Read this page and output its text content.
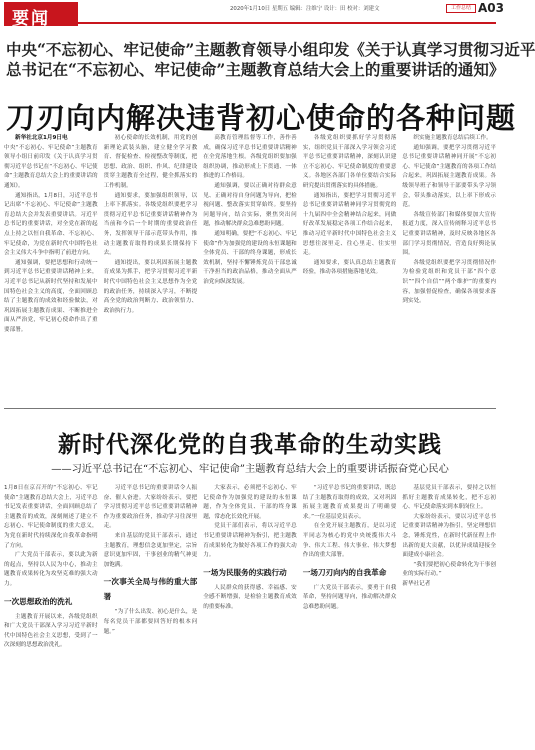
要闻	2020年1月10日 星期五 编辑：注维宁 设计：田 校对：刘建文	工作总结 A03
中央“不忘初心、牢记使命”主题教育领导小组印发《关于认真学习贯彻习近平
总书记在“不忘初心、牢记使命”主题教育总结大会上的重要讲话的通知》
刀刃向内解决违背初心使命的各种问题

新华社北京1月9日电

中央“不忘初心、牢记使命”主题教育领导小组日前印发《关于认真学习贯彻习近平总书记在“不忘初心、牢记使命”主题教育总结大会上的重要讲话的通知》。

通知指出，1月8日，习近平总书记出席“不忘初心、牢记使命”主题教育总结大会并发表重要讲话。习近平总书记的重要讲话，对全党在新的起点上持之以恒自我革命、不忘初心、牢记使命，为党在新时代中国特色社会主义伟大斗争中指明了前进方向。

通知强调，要把思想和行动统一到习近平总书记重要讲话精神上来，习近平总书记从新时代坚持和发展中国特色社会主义的高度，全面回顾总结了主题教育的成效和经验做法，对巩固拓展主题教育成果、不断推进全面从严治党，牢记初心使命作出了重要部署。

初心使命的长效机制，用党的创新理论武装头脑，建立健全学习教育、督促检查、检视整改等制度，把思想、政治、组织、作风、纪律建设贯穿主题教育全过程，健全抓落实的工作机制。

通知要求，要加强组织领导，以上率下抓落实。各级党组织要把学习贯彻习近平总书记重要讲话精神作为当前和今后一个时期的重要政治任务，发挥领导干部示范带头作用，推动主题教育取得的成果长期保持下去。

通知提出，要以巩固拓展主题教育成果为抓手，把学习贯彻习近平新时代中国特色社会主义思想作为全党的政治任务，持续深入学习，不断提高全党的政治判断力、政治领悟力、政治执行力。

高教育管理监督等工作，善作善成，确保习近平总书记重要讲话精神在全党落地生根。各级党组织要加强组织协调，推动形成上下贯通、一体推进的工作格局。

通知强调，要以正确对待群众意见、正确对待自身问题为导向，把检视问题、整改落实贯穿始终。要坚持问题导向，结合实际，聚焦突出问题，推动解决群众急难愁盼问题。

通知明确，要把“不忘初心、牢记使命”作为加强党的建设的永恒课题和全体党员、干部的终身课题，形成长效机制，坚持不懈锤炼党员干部忠诚干净担当的政治品格，推动全面从严治党向纵深发展。

各级党组织要抓好学习贯彻落实，组织党员干部深入学习领会习近平总书记重要讲话精神，深刻认识建立不忘初心、牢记使命制度的重要意义。各地区各部门各单位要结合实际研究提出贯彻落实的具体措施。

通知指出，要把学习贯彻习近平总书记重要讲话精神同学习贯彻党的十九届四中全会精神结合起来，同做好改革发展稳定各项工作结合起来，推动习近平新时代中国特色社会主义思想往深里走、往心里走、往实里走。

通知要求，要认真总结主题教育经验，推动各项措施落地见效。

织实施主题教育总结后续工作。

通知强调，要把学习贯彻习近平总书记重要讲话精神同开展“不忘初心、牢记使命”主题教育的各项工作结合起来，巩固拓展主题教育成果。各级领导班子和领导干部要带头学习领会，带头推动落实，以上率下形成示范。

各级宣传部门和媒体要加大宣传报道力度，深入宣传阐释习近平总书记重要讲话精神，及时反映各地区各部门学习贯彻情况，营造良好舆论氛围。

各级党组织要把学习贯彻情况作为检验党组织和党员干部“四个意识”“四个自信”“两个维护”的重要内容，加强督促检查，确保各项要求落到实处。

新时代深化党的自我革命的生动实践
——习近平总书记在“不忘初心、牢记使命”主题教育总结大会上的重要讲话振奋党心民心

1月8日在京召开的“不忘初心、牢记使命”主题教育总结大会上，习近平总书记发表重要讲话，全面回顾总结了主题教育的成效，深刻阐述了建立不忘初心、牢记使命制度的重大意义，为党在新时代持续深化自我革命指明了方向。

广大党员干部表示，要以此为新的起点，坚持以人民为中心，推动主题教育成果转化为攻坚克难的强大动力。

一次思想政治的洗礼

主题教育开展以来，各级党组织和广大党员干部深入学习习近平新时代中国特色社会主义思想，受到了一次深刻的思想政治洗礼。

习近平总书记的重要讲话令人振奋、催人奋进。大家纷纷表示，要把学习贯彻习近平总书记重要讲话精神作为重要政治任务，推动学习往深里走。

来自基层的党员干部表示，通过主题教育，理想信念更加坚定，宗旨意识更加牢固，干事创业的精气神更加饱满。

一次事关全局与伟的重大部署

“为了什么出发、初心是什么，是每名党员干部都要回答好的根本问题。”

大家表示，必须把不忘初心、牢记使命作为加强党的建设的永恒课题，作为全体党员、干部的终身课题，常态化长效化开展。

党员干部们表示，将以习近平总书记重要讲话精神为指引，把主题教育成果转化为做好各项工作的强大动力。

一场为民服务的实践行动

人民群众的获得感、幸福感、安全感不断增强，是检验主题教育成效的重要标准。

“习近平总书记的重要讲话，既总结了主题教育取得的成效，又对巩固拓展主题教育成果提出了明确要求。”一位基层党员表示。

在全党开展主题教育，是以习近平同志为核心的党中央统揽伟大斗争、伟大工程、伟大事业、伟大梦想作出的重大部署。

一场刀刃向内的自我革命

广大党员干部表示，要勇于自我革命，坚持问题导向，推动解决群众急难愁盼问题。

基层党员干部表示，要持之以恒抓好主题教育成果转化，把不忘初心、牢记使命落实到本职岗位上。

大家纷纷表示，要以习近平总书记重要讲话精神为指引，坚定理想信念，锤炼党性，在新时代新征程上作出新的更大贡献，以优异成绩迎接全面建成小康社会。

“我们要把初心使命转化为干事创业的实际行动。”

新华社记者
